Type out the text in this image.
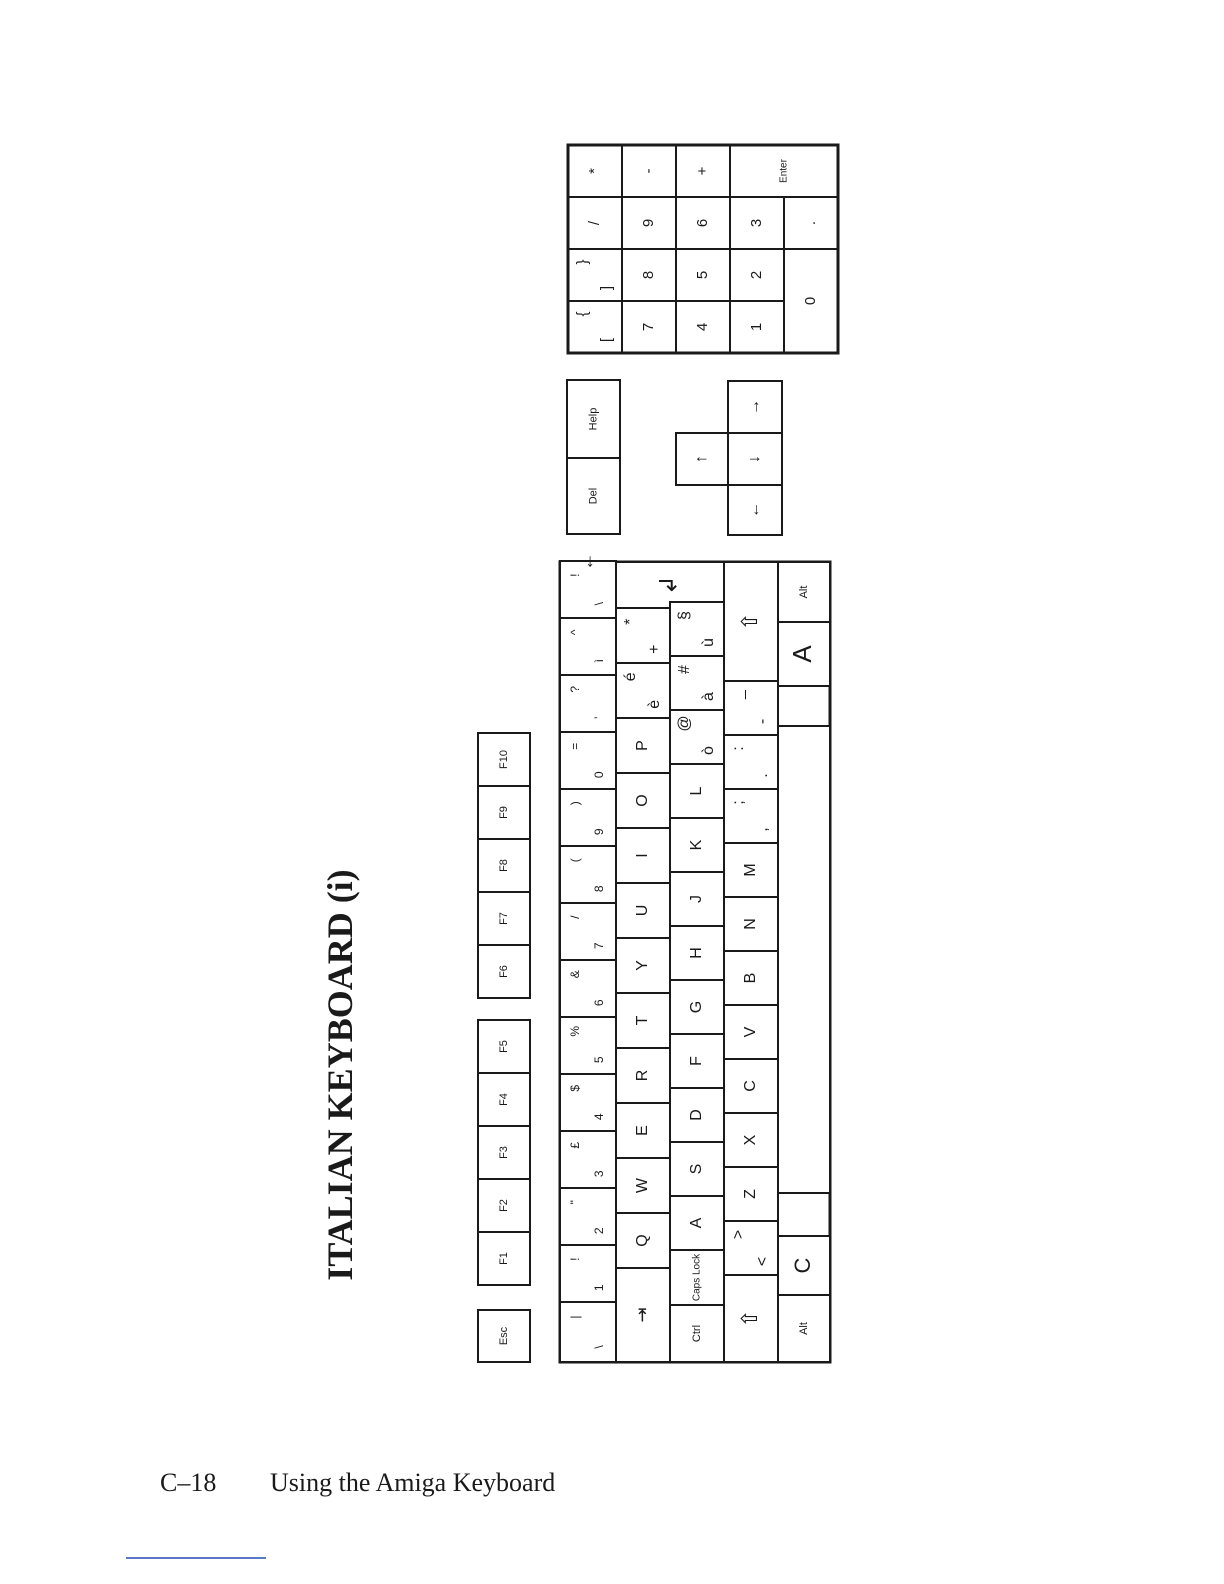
ITALIAN KEYBOARD (i)
Esc
F1
F2
F3
F4
F5
F6
F7
F8
F9
F10
\
|
1
!
2
"
3
£
4
$
5
%
6
&
7
/
8
(
9
)
0
=
'
?
ì
^
\
!
←
⇥
Q
W
E
R
T
Y
U
I
O
P
è
é
+
*
↲
Ctrl
Caps Lock
A
S
D
F
G
H
J
K
L
ò
@
à
#
ù
§
⇧
<
>
Z
X
C
V
B
N
M
,
;
.
:
-
_
⇧
Alt
C
A
Alt
Del
Help
↑
←
↓
→
[
{
]
}
/
*
7
8
9
-
4
5
6
+
1
2
3
Enter
0
.
C–18 Using the Amiga Keyboard
